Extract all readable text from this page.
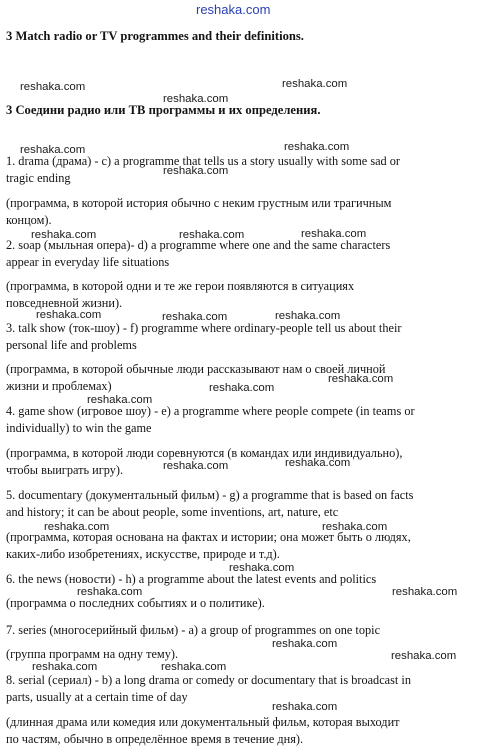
reshaka.com
3 Match radio or TV programmes and their definitions.
3 Соедини радио или ТВ программы и их определения.
1. drama (драма) - c) a programme that tells us a story usually with some sad or
tragic ending
(программа, в которой история обычно с неким грустным или трагичным
концом).
2. soap (мыльная опера)- d) a programme where one and the same characters
appear in everyday life situations
(программа, в которой одни и те же герои появляются в ситуациях
повседневной жизни).
3. talk show (ток-шоу) - f) programme where ordinary-people tell us about their
personal life and problems
(программа, в которой обычные люди рассказывают нам о своей личной
жизни и проблемах)
4. game show (игровое шоу) - e) a programme where people compete (in teams or
individually) to win the game
(программа, в которой люди соревнуются (в командах или индивидуально),
чтобы выиграть игру).
5. documentary (документальный фильм) - g) a programme that is based on facts
and history; it can be about people, some inventions, art, nature, etc
(программа, которая основана на фактах и истории; она может быть о людях,
каких-либо изобретениях, искусстве, природе и т.д).
6. the news (новости) - h) a programme about the latest events and politics
(программа о последних событиях и о политике).
7. series (многосерийный фильм) - a) a group of programmes on one topic
(группа программ на одну тему).
8. serial (сериал) - b) a long drama or comedy or documentary that is broadcast in
parts, usually at a certain time of day
(длинная драма или комедия или документальный фильм, которая выходит
по частям, обычно в определённое время в течение дня).
reshaka.com	reshaka.com
reshaka.com
reshaka.com	reshaka.com
reshaka.com
reshaka.com	reshaka.com	reshaka.com
reshaka.com	reshaka.com	reshaka.com
reshaka.com
reshaka.com
reshaka.com
reshaka.com
reshaka.com
reshaka.com	reshaka.com
reshaka.com
reshaka.com	reshaka.com
reshaka.com
reshaka.com
reshaka.com	reshaka.com
reshaka.com
